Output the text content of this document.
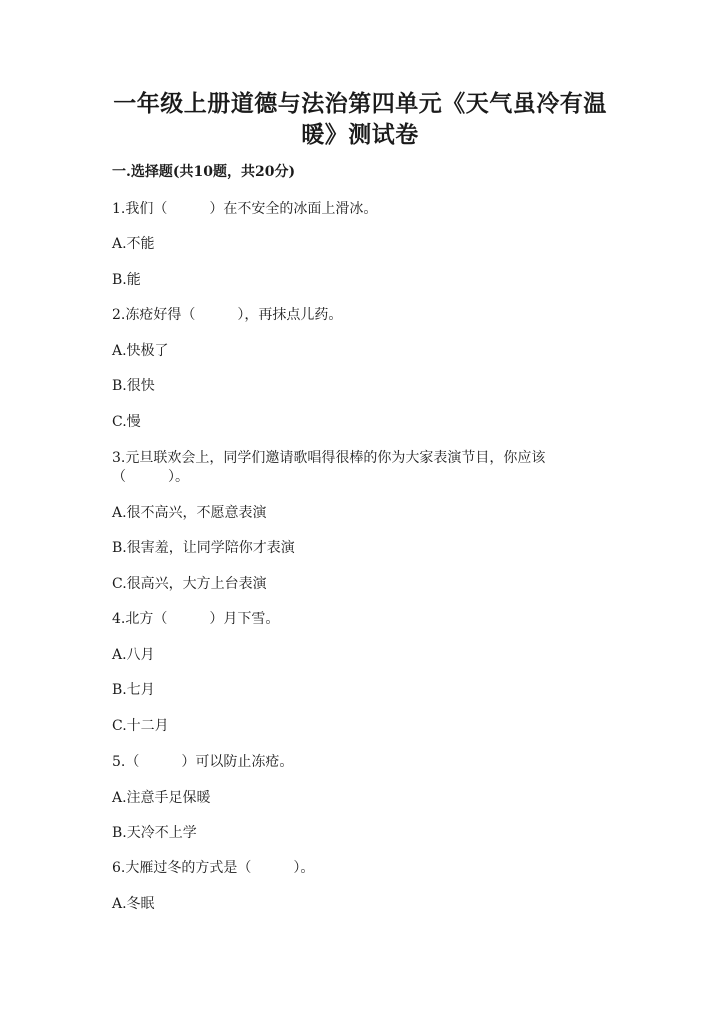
一年级上册道德与法治第四单元《天气虽冷有温
暖》测试卷
一.选择题(共10题，共20分)
1.我们（　　　）在不安全的冰面上滑冰。
A.不能
B.能
2.冻疮好得（　　　），再抹点儿药。
A.快极了
B.很快
C.慢
3.元旦联欢会上，同学们邀请歌唱得很棒的你为大家表演节目，你应该
（　　　）。
A.很不高兴，不愿意表演
B.很害羞，让同学陪你才表演
C.很高兴，大方上台表演
4.北方（　　　）月下雪。
A.八月
B.七月
C.十二月
5.（　　　）可以防止冻疮。
A.注意手足保暖
B.天冷不上学
6.大雁过冬的方式是（　　　）。
A.冬眠
